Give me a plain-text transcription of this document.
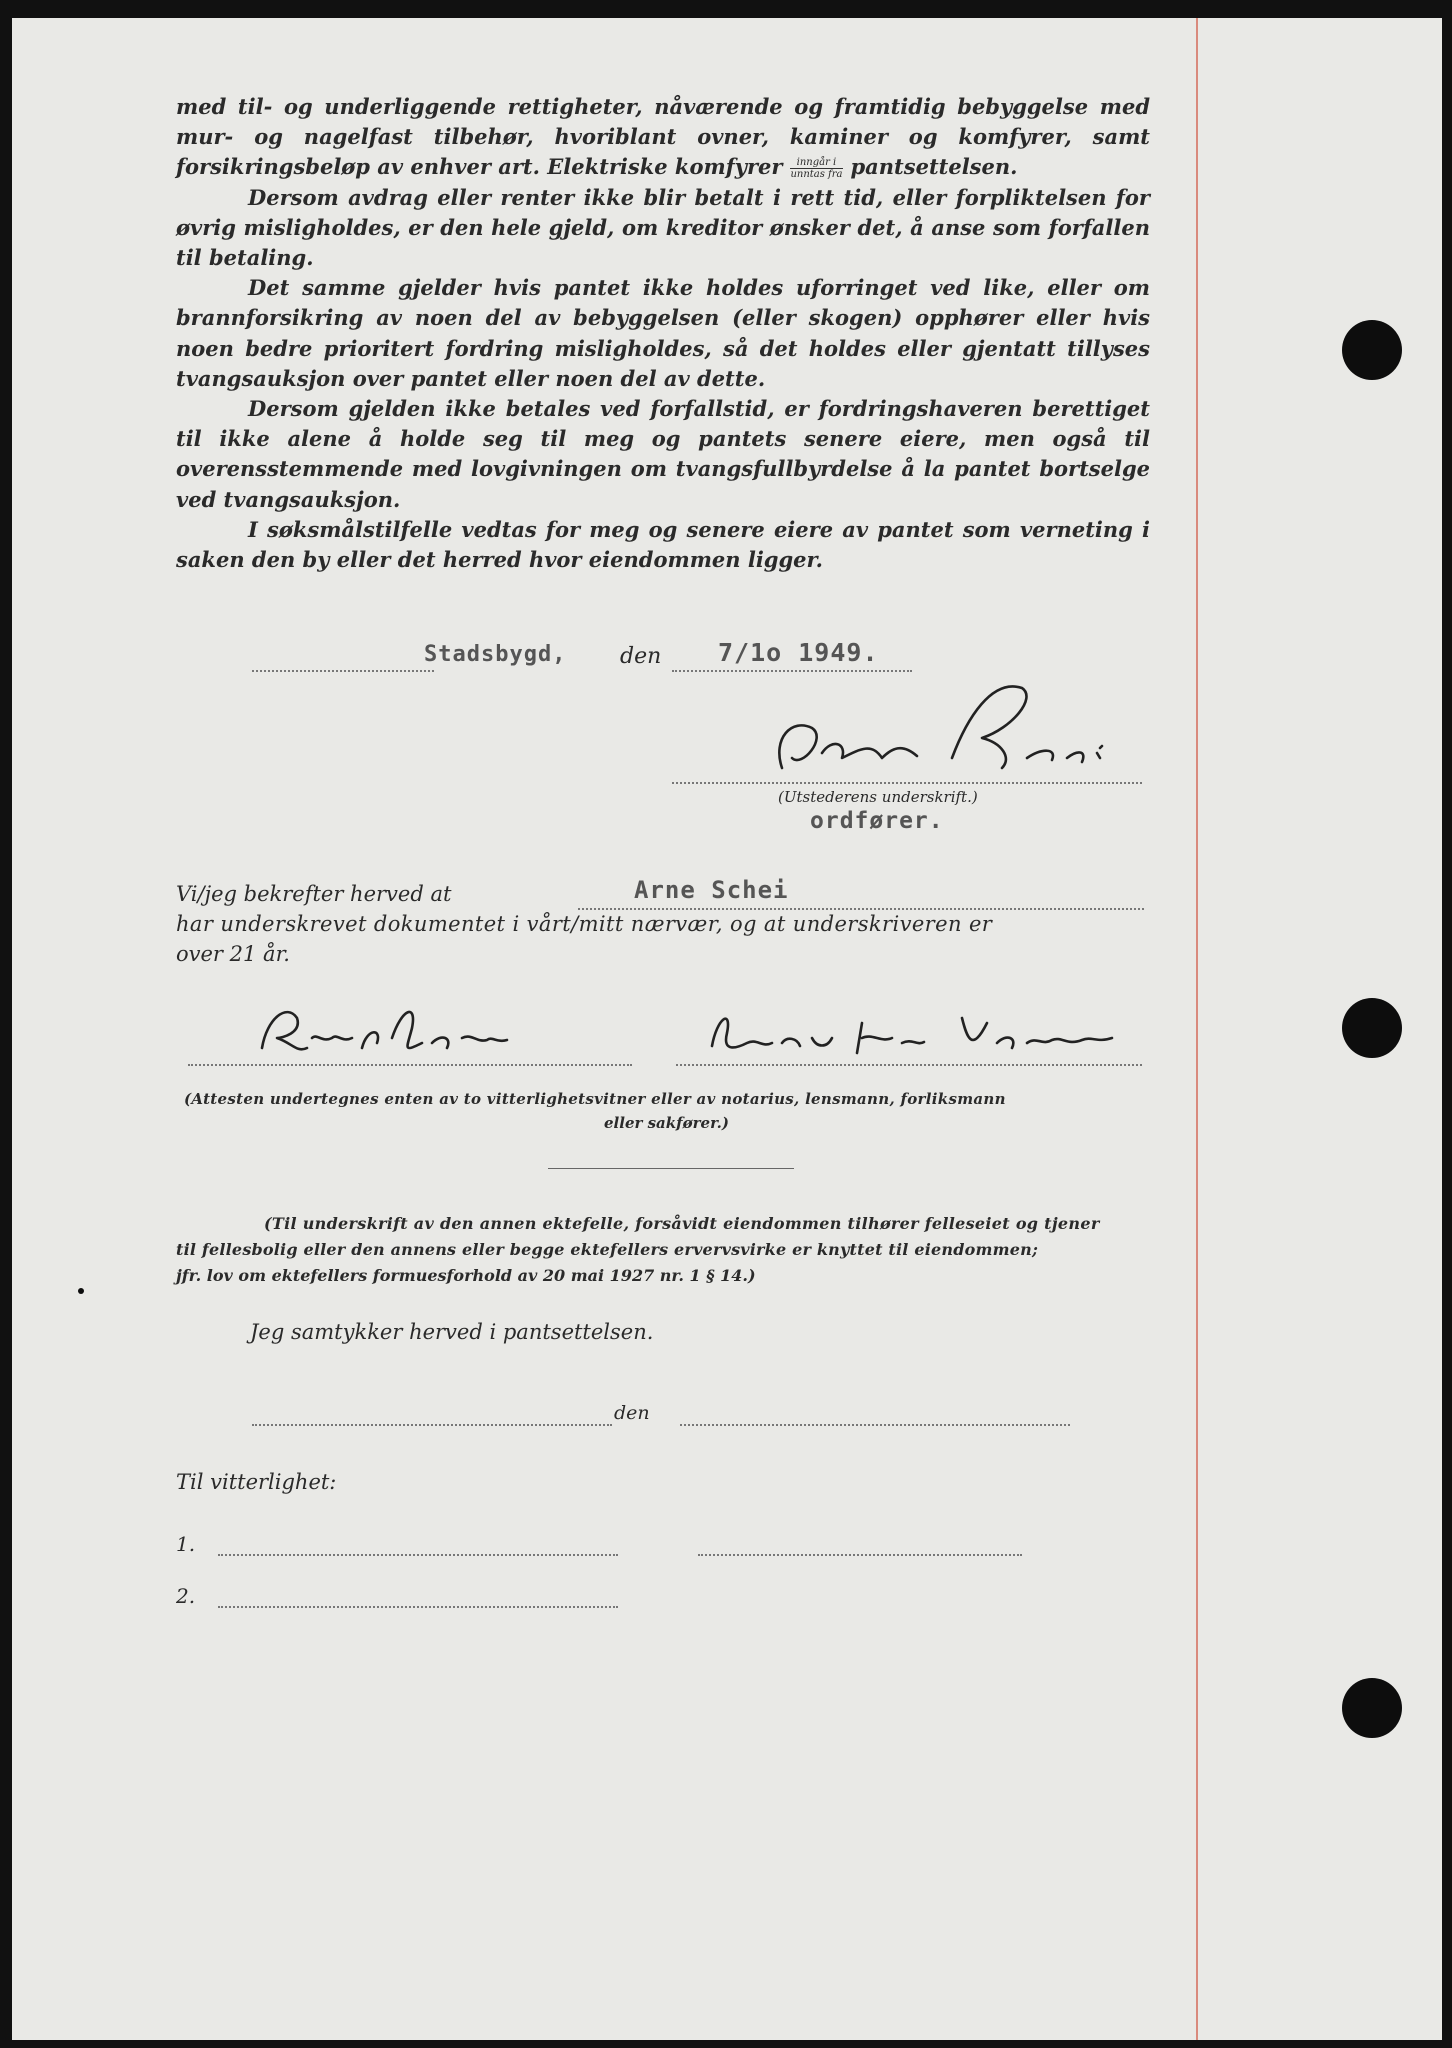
med til- og underliggende rettigheter, nåværende og framtidig bebyggelse med mur- og nagelfast tilbehør, hvoriblant ovner, kaminer og komfyrer, samt forsikringsbeløp av enhver art. Elektriske komfyrer $\frac{\text{inngår i}}{\text{unntas fra}}$ pantsettelsen.

Dersom avdrag eller renter ikke blir betalt i rett tid, eller forpliktelsen for øvrig misligholdes, er den hele gjeld, om kreditor ønsker det, å anse som forfallen til betaling.

Det samme gjelder hvis pantet ikke holdes uforringet ved like, eller om brannforsikring av noen del av bebyggelsen (eller skogen) opphører eller hvis noen bedre prioritert fordring misligholdes, så det holdes eller gjentatt tillyses tvangsauksjon over pantet eller noen del av dette.

Dersom gjelden ikke betales ved forfallstid, er fordringshaveren berettiget til ikke alene å holde seg til meg og pantets senere eiere, men også til overensstemmende med lovgivningen om tvangsfullbyrdelse å la pantet bortselge ved tvangsauksjon.

I søksmålstilfelle vedtas for meg og senere eiere av pantet som verneting i saken den by eller det herred hvor eiendommen ligger.

Stadsbygd, den 7/1o 1949.
(Utstederens underskrift.)
ordfører.
Vi/jeg bekrefter herved at	Arne Schei
har underskrevet dokumentet i vårt/mitt nærvær, og at underskriveren er
over 21 år.
(Attesten undertegnes enten av to vitterlighetsvitner eller av notarius, lensmann, forliksmann
eller sakfører.)
(Til underskrift av den annen ektefelle, forsåvidt eiendommen tilhører felleseiet og tjener
til fellesbolig eller den annens eller begge ektefellers ervervsvirke er knyttet til eiendommen;
jfr. lov om ektefellers formuesforhold av 20 mai 1927 nr. 1 § 14.)
Jeg samtykker herved i pantsettelsen.
den
Til vitterlighet:
1.
2.
